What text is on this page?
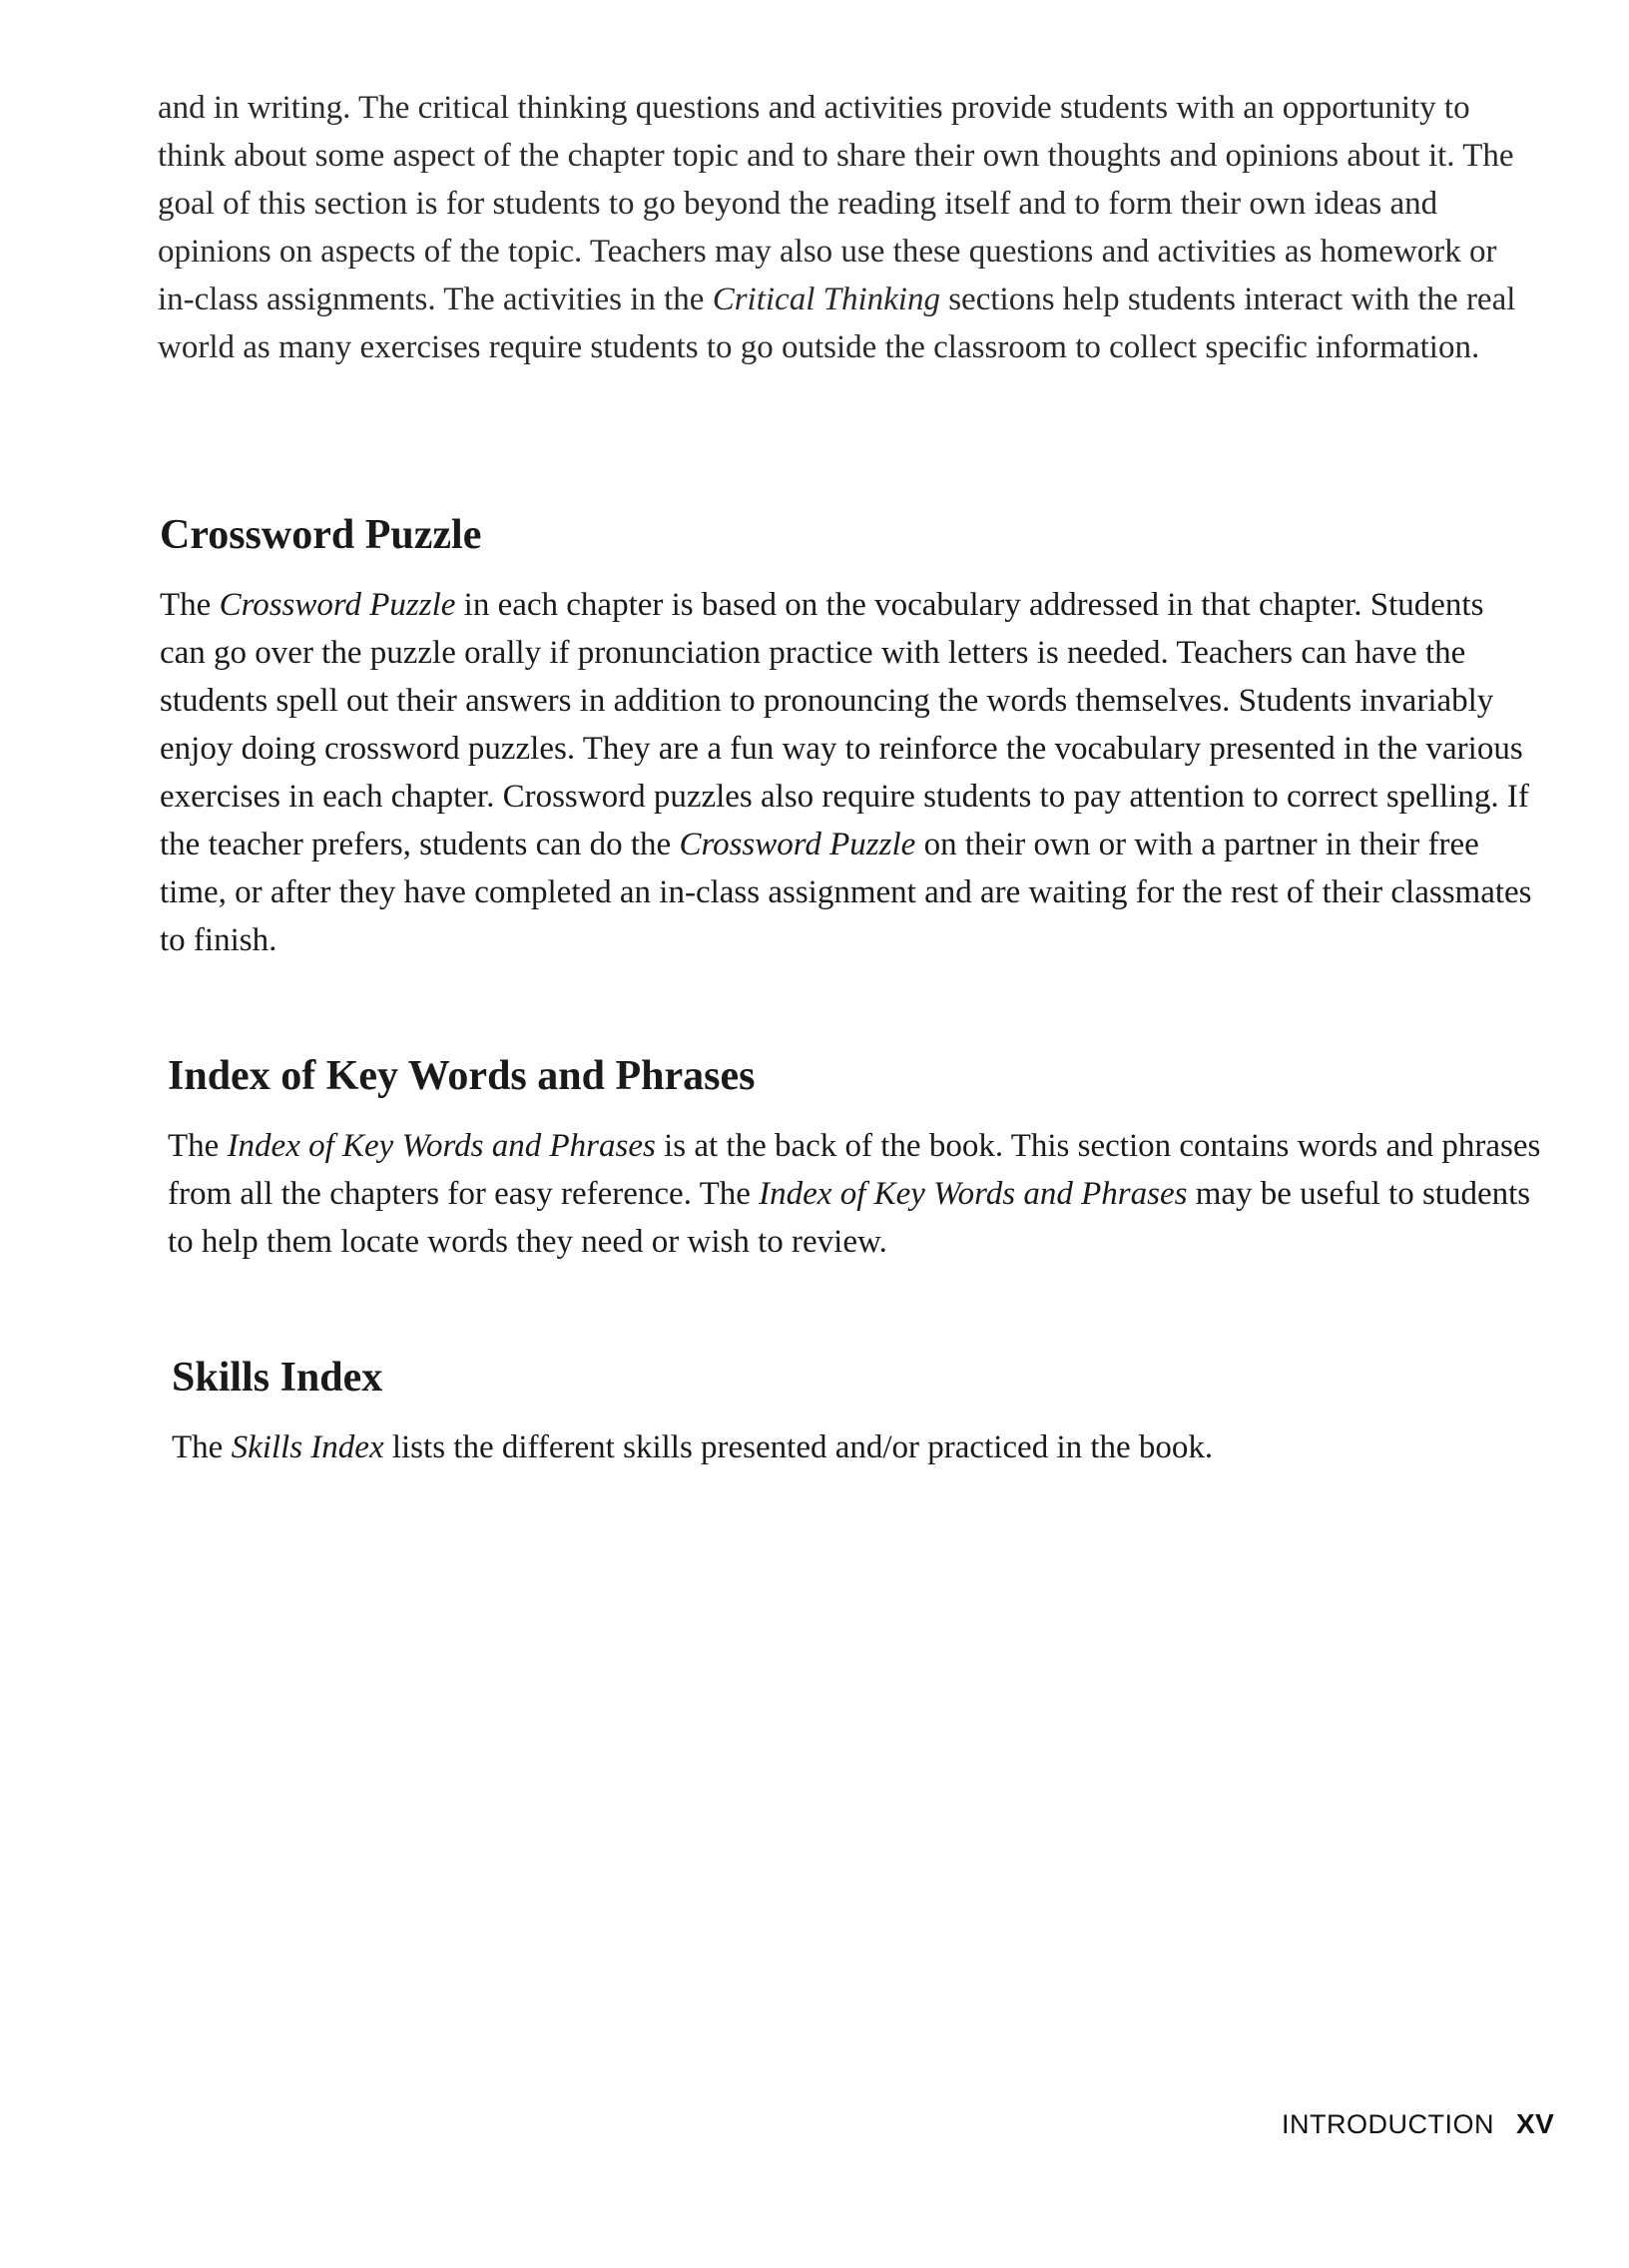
and in writing. The critical thinking questions and activities provide students with an opportunity to think about some aspect of the chapter topic and to share their own thoughts and opinions about it. The goal of this section is for students to go beyond the reading itself and to form their own ideas and opinions on aspects of the topic. Teachers may also use these questions and activities as homework or in-class assignments. The activities in the Critical Thinking sections help students interact with the real world as many exercises require students to go outside the classroom to collect specific information.

Crossword Puzzle

The Crossword Puzzle in each chapter is based on the vocabulary addressed in that chapter. Students can go over the puzzle orally if pronunciation practice with letters is needed. Teachers can have the students spell out their answers in addition to pronouncing the words themselves. Students invariably enjoy doing crossword puzzles. They are a fun way to reinforce the vocabulary presented in the various exercises in each chapter. Crossword puzzles also require students to pay attention to correct spelling. If the teacher prefers, students can do the Crossword Puzzle on their own or with a partner in their free time, or after they have completed an in-class assignment and are waiting for the rest of their classmates to finish.

Index of Key Words and Phrases

The Index of Key Words and Phrases is at the back of the book. This section contains words and phrases from all the chapters for easy reference. The Index of Key Words and Phrases may be useful to students to help them locate words they need or wish to review.

Skills Index

The Skills Index lists the different skills presented and/or practiced in the book.

INTRODUCTION XV
